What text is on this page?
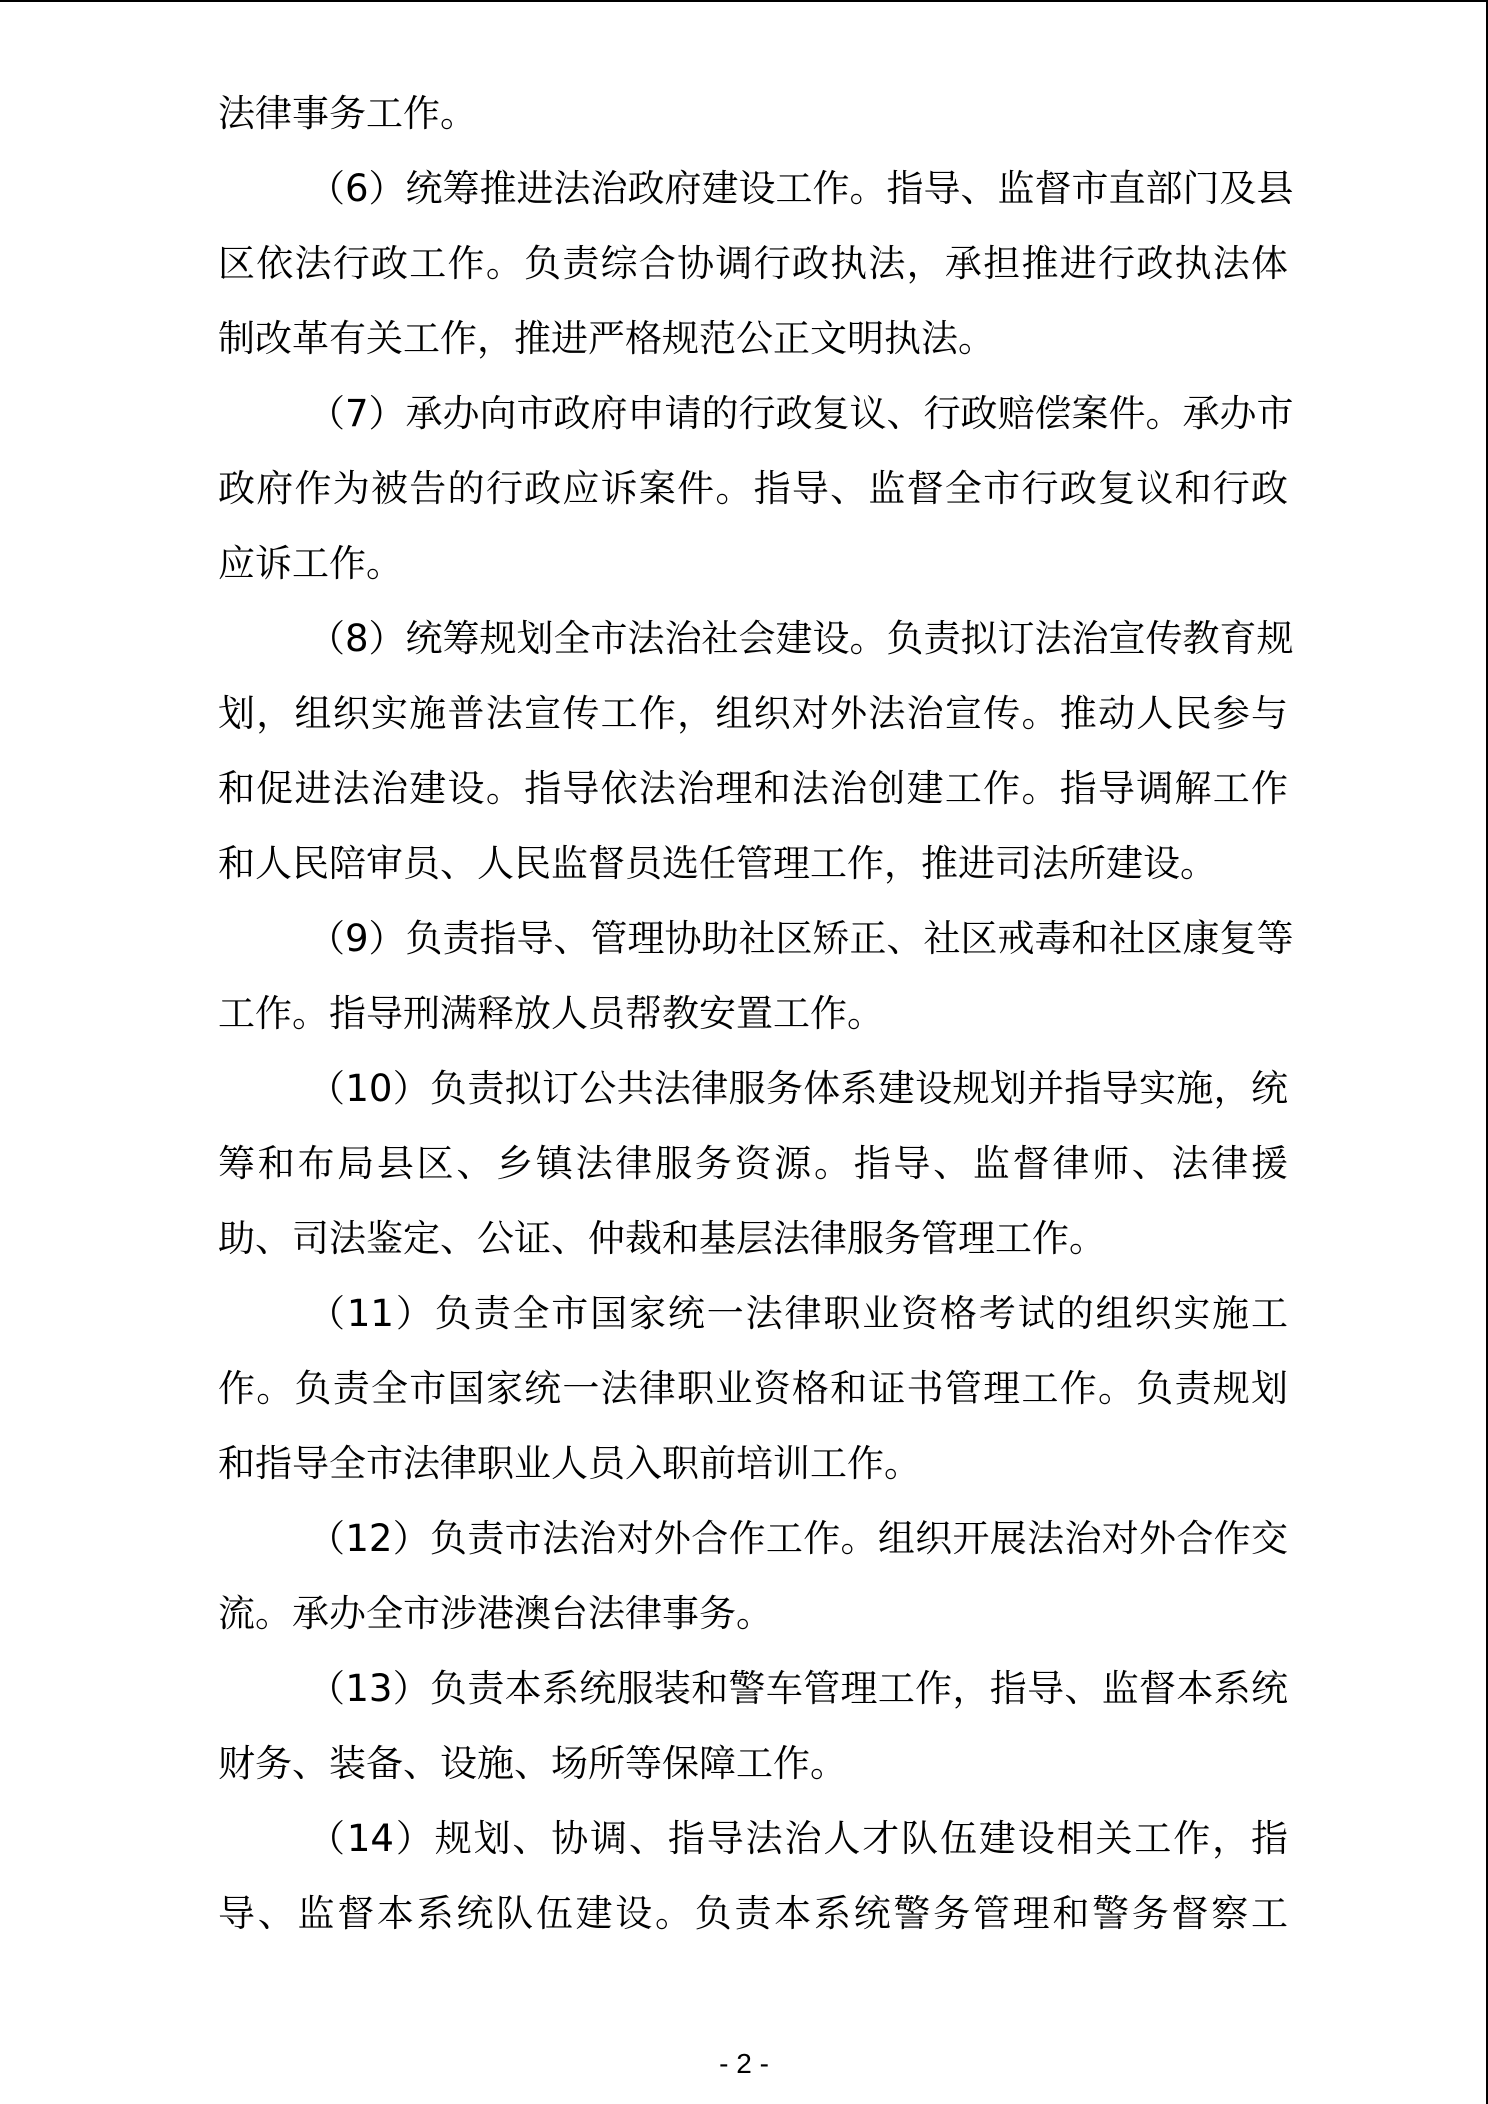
法律事务工作。
（6）统筹推进法治政府建设工作。指导、监督市直部门及县
区依法行政工作。负责综合协调行政执法，承担推进行政执法体
制改革有关工作，推进严格规范公正文明执法。
（7）承办向市政府申请的行政复议、行政赔偿案件。承办市
政府作为被告的行政应诉案件。指导、监督全市行政复议和行政
应诉工作。
（8）统筹规划全市法治社会建设。负责拟订法治宣传教育规
划，组织实施普法宣传工作，组织对外法治宣传。推动人民参与
和促进法治建设。指导依法治理和法治创建工作。指导调解工作
和人民陪审员、人民监督员选任管理工作，推进司法所建设。
（9）负责指导、管理协助社区矫正、社区戒毒和社区康复等
工作。指导刑满释放人员帮教安置工作。
（10）负责拟订公共法律服务体系建设规划并指导实施，统
筹和布局县区、乡镇法律服务资源。指导、监督律师、法律援
助、司法鉴定、公证、仲裁和基层法律服务管理工作。
（11）负责全市国家统一法律职业资格考试的组织实施工
作。负责全市国家统一法律职业资格和证书管理工作。负责规划
和指导全市法律职业人员入职前培训工作。
（12）负责市法治对外合作工作。组织开展法治对外合作交
流。承办全市涉港澳台法律事务。
（13）负责本系统服装和警车管理工作，指导、监督本系统
财务、装备、设施、场所等保障工作。
（14）规划、协调、指导法治人才队伍建设相关工作，指
导、监督本系统队伍建设。负责本系统警务管理和警务督察工
- 2 -
